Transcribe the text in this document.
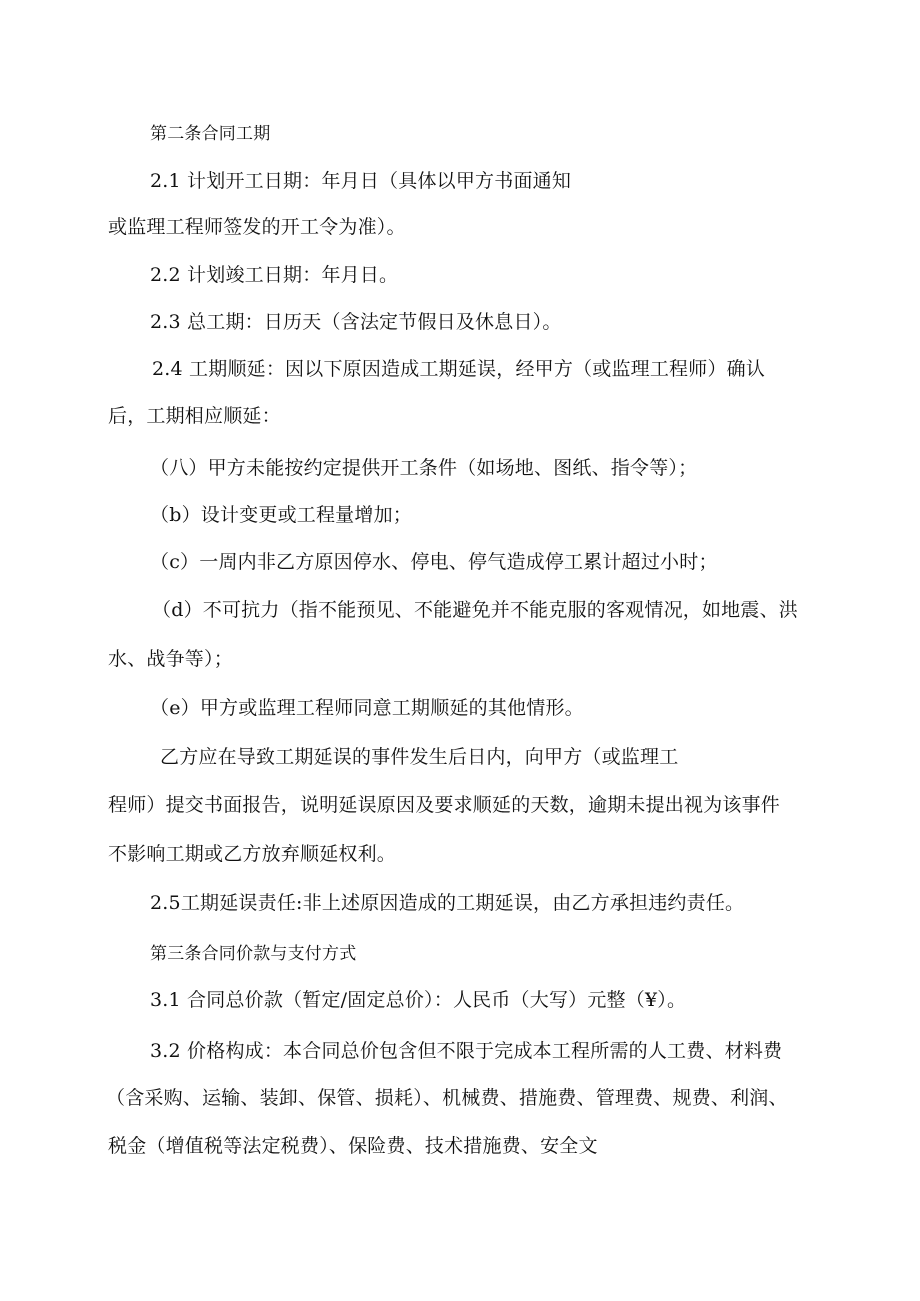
第二条合同工期
2.1 计划开工日期：年月日（具体以甲方书面通知
或监理工程师签发的开工令为准）。
2.2 计划竣工日期：年月日。
2.3 总工期：日历天（含法定节假日及休息日）。
2.4 工期顺延：因以下原因造成工期延误，经甲方（或监理工程师）确认
后，工期相应顺延：
（八）甲方未能按约定提供开工条件（如场地、图纸、指令等）；
（b）设计变更或工程量增加；
（c）一周内非乙方原因停水、停电、停气造成停工累计超过小时；
（d）不可抗力（指不能预见、不能避免并不能克服的客观情况，如地震、洪
水、战争等）；
（e）甲方或监理工程师同意工期顺延的其他情形。
乙方应在导致工期延误的事件发生后日内，向甲方（或监理工
程师）提交书面报告，说明延误原因及要求顺延的天数，逾期未提出视为该事件
不影响工期或乙方放弃顺延权利。
2.5工期延误责任:非上述原因造成的工期延误，由乙方承担违约责任。
第三条合同价款与支付方式
3.1 合同总价款（暂定/固定总价）：人民币（大写）元整（¥）。
3.2 价格构成：本合同总价包含但不限于完成本工程所需的人工费、材料费
（含采购、运输、装卸、保管、损耗）、机械费、措施费、管理费、规费、利润、
税金（增值税等法定税费）、保险费、技术措施费、安全文
